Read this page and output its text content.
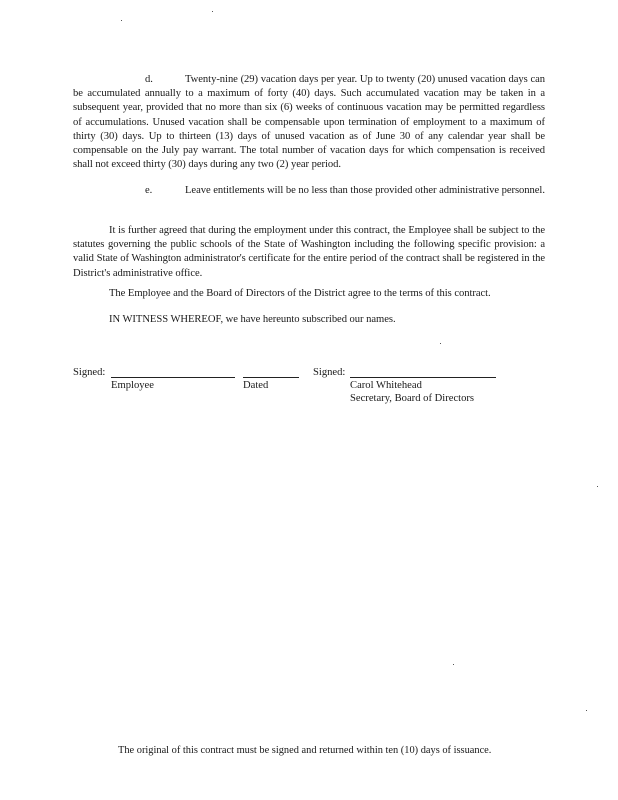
d.	Twenty-nine (29) vacation days per year. Up to twenty (20) unused vacation days can be accumulated annually to a maximum of forty (40) days. Such accumulated vacation may be taken in a subsequent year, provided that no more than six (6) weeks of continuous vacation may be permitted regardless of accumulations. Unused vacation shall be compensable upon termination of employment to a maximum of thirty (30) days. Up to thirteen (13) days of unused vacation as of June 30 of any calendar year shall be compensable on the July pay warrant. The total number of vacation days for which compensation is received shall not exceed thirty (30) days during any two (2) year period.
e.	Leave entitlements will be no less than those provided other administrative personnel.
It is further agreed that during the employment under this contract, the Employee shall be subject to the statutes governing the public schools of the State of Washington including the following specific provision: a valid State of Washington administrator's certificate for the entire period of the contract shall be registered in the District's administrative office.
The Employee and the Board of Directors of the District agree to the terms of this contract.
IN WITNESS WHEREOF, we have hereunto subscribed our names.
Signed:	Signed:
Employee	Dated	Carol Whitehead
Secretary, Board of Directors
The original of this contract must be signed and returned within ten (10) days of issuance.
